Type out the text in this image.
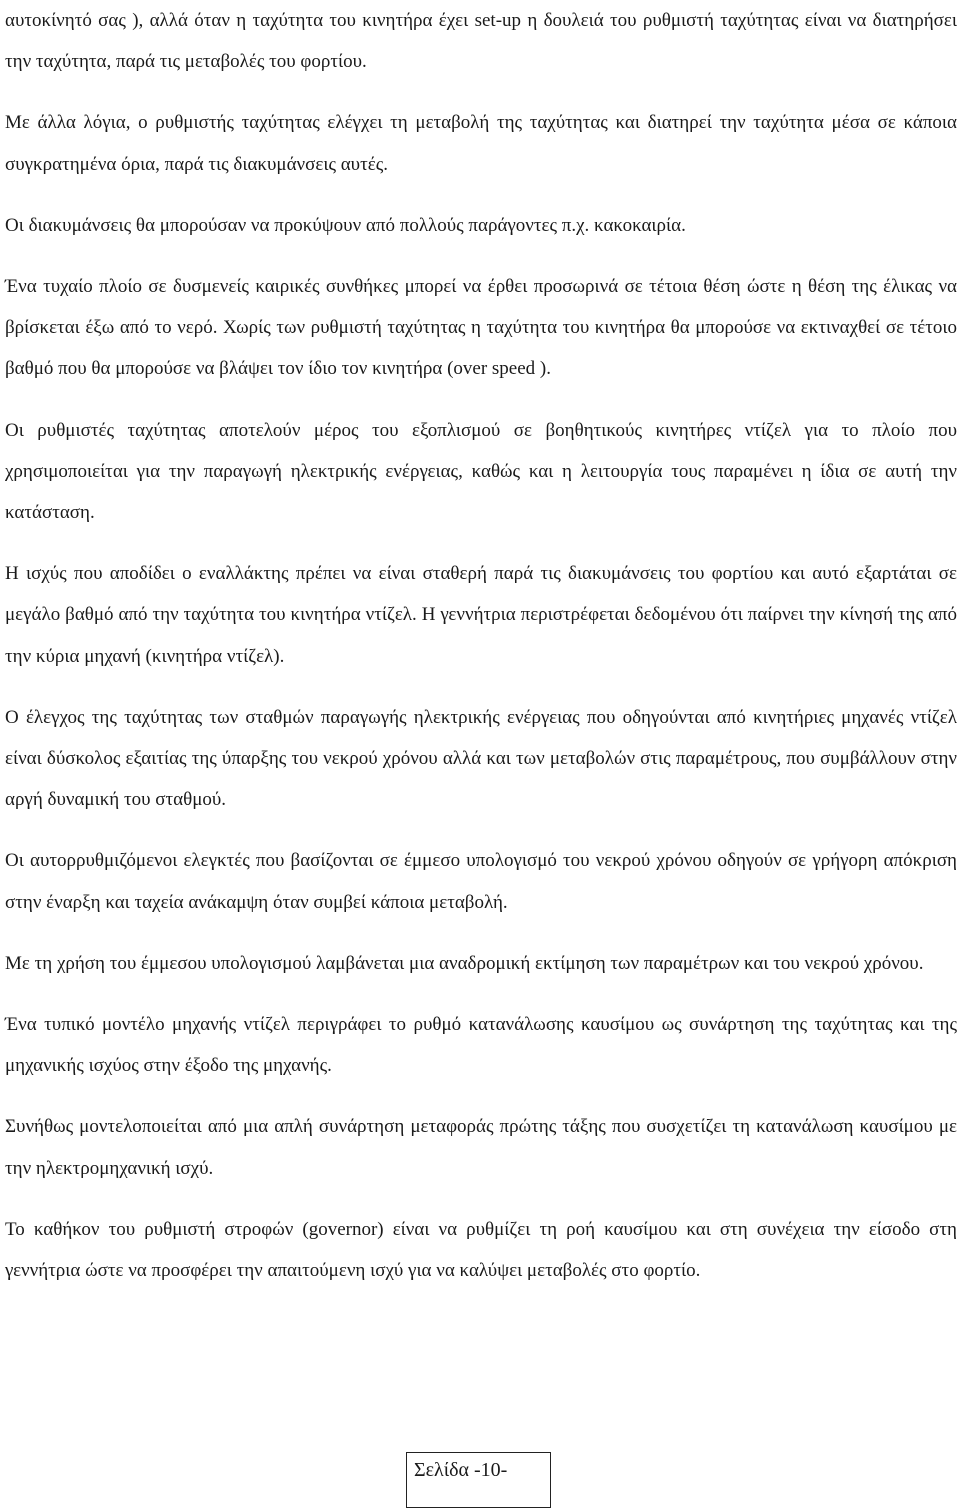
αυτοκίνητό σας ), αλλά όταν η ταχύτητα του κινητήρα έχει set-up η δουλειά του ρυθμιστή ταχύτητας είναι να διατηρήσει την ταχύτητα, παρά τις μεταβολές του φορτίου.

Με άλλα λόγια, ο ρυθμιστής ταχύτητας ελέγχει τη μεταβολή της ταχύτητας και διατηρεί την ταχύτητα μέσα σε κάποια συγκρατημένα όρια, παρά τις διακυμάνσεις αυτές.

Οι διακυμάνσεις θα μπορούσαν να προκύψουν από πολλούς παράγοντες π.χ. κακοκαιρία.

Ένα τυχαίο πλοίο σε δυσμενείς καιρικές συνθήκες μπορεί να έρθει προσωρινά σε τέτοια θέση ώστε η θέση της έλικας να βρίσκεται έξω από το νερό. Χωρίς των ρυθμιστή ταχύτητας η ταχύτητα του κινητήρα θα μπορούσε να εκτιναχθεί σε τέτοιο βαθμό που θα μπορούσε να βλάψει τον ίδιο τον κινητήρα (over speed ).

Οι ρυθμιστές ταχύτητας αποτελούν μέρος του εξοπλισμού σε βοηθητικούς κινητήρες ντίζελ για το πλοίο που χρησιμοποιείται για την παραγωγή ηλεκτρικής ενέργειας, καθώς και η λειτουργία τους παραμένει η ίδια σε αυτή την κατάσταση.

Η ισχύς που αποδίδει ο εναλλάκτης πρέπει να είναι σταθερή παρά τις διακυμάνσεις του φορτίου και αυτό εξαρτάται σε μεγάλο βαθμό από την ταχύτητα του κινητήρα ντίζελ. Η γεννήτρια περιστρέφεται δεδομένου ότι παίρνει την κίνησή της από την κύρια μηχανή (κινητήρα ντίζελ).

Ο έλεγχος της ταχύτητας των σταθμών παραγωγής ηλεκτρικής ενέργειας που οδηγούνται από κινητήριες μηχανές ντίζελ είναι δύσκολος εξαιτίας της ύπαρξης του νεκρού χρόνου αλλά και των μεταβολών στις παραμέτρους, που συμβάλλουν στην αργή δυναμική του σταθμού.

Οι αυτορρυθμιζόμενοι ελεγκτές που βασίζονται σε έμμεσο υπολογισμό του νεκρού χρόνου οδηγούν σε γρήγορη απόκριση στην έναρξη και ταχεία ανάκαμψη όταν συμβεί κάποια μεταβολή.

Με τη χρήση του έμμεσου υπολογισμού λαμβάνεται μια αναδρομική εκτίμηση των παραμέτρων και του νεκρού χρόνου.

Ένα τυπικό μοντέλο μηχανής ντίζελ περιγράφει το ρυθμό κατανάλωσης καυσίμου ως συνάρτηση της ταχύτητας και της μηχανικής ισχύος στην έξοδο της μηχανής.

Συνήθως μοντελοποιείται από μια απλή συνάρτηση μεταφοράς πρώτης τάξης που συσχετίζει τη κατανάλωση καυσίμου με την ηλεκτρομηχανική ισχύ.

Το καθήκον του ρυθμιστή στροφών (governor) είναι να ρυθμίζει τη ροή καυσίμου και στη συνέχεια την είσοδο στη γεννήτρια ώστε να προσφέρει την απαιτούμενη ισχύ για να καλύψει μεταβολές στο φορτίο.

Σελίδα -10-
